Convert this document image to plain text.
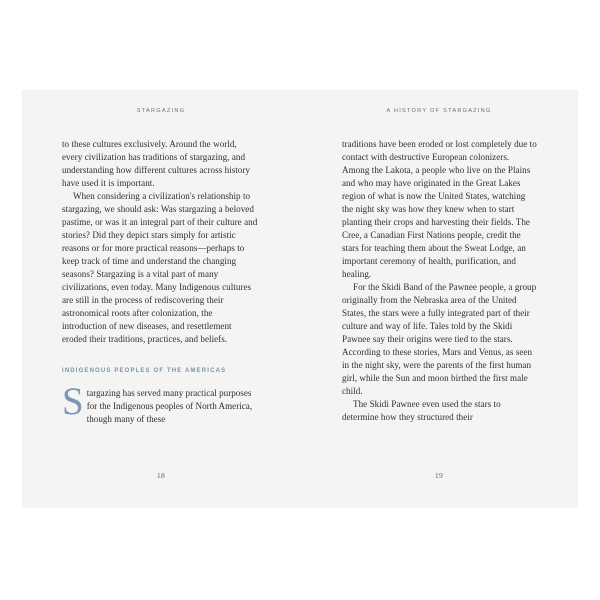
STARGAZING

to these cultures exclusively. Around the world, every civilization has traditions of stargazing, and understanding how different cultures across history have used it is important.

When considering a civilization's relationship to stargazing, we should ask: Was stargazing a beloved pastime, or was it an integral part of their culture and stories? Did they depict stars simply for artistic reasons or for more practical reasons—perhaps to keep track of time and understand the changing seasons? Stargazing is a vital part of many civilizations, even today. Many Indigenous cultures are still in the process of rediscovering their astronomical roots after colonization, the introduction of new diseases, and resettlement eroded their traditions, practices, and beliefs.

INDIGENOUS PEOPLES OF THE AMERICAS

Stargazing has served many practical purposes for the Indigenous peoples of North America, though many of these

18
A HISTORY OF STARGAZING

traditions have been eroded or lost completely due to contact with destructive European colonizers. Among the Lakota, a people who live on the Plains and who may have originated in the Great Lakes region of what is now the United States, watching the night sky was how they knew when to start planting their crops and harvesting their fields. The Cree, a Canadian First Nations people, credit the stars for teaching them about the Sweat Lodge, an important ceremony of health, purification, and healing.

For the Skidi Band of the Pawnee people, a group originally from the Nebraska area of the United States, the stars were a fully integrated part of their culture and way of life. Tales told by the Skidi Pawnee say their origins were tied to the stars. According to these stories, Mars and Venus, as seen in the night sky, were the parents of the first human girl, while the Sun and moon birthed the first male child.

The Skidi Pawnee even used the stars to determine how they structured their

19
